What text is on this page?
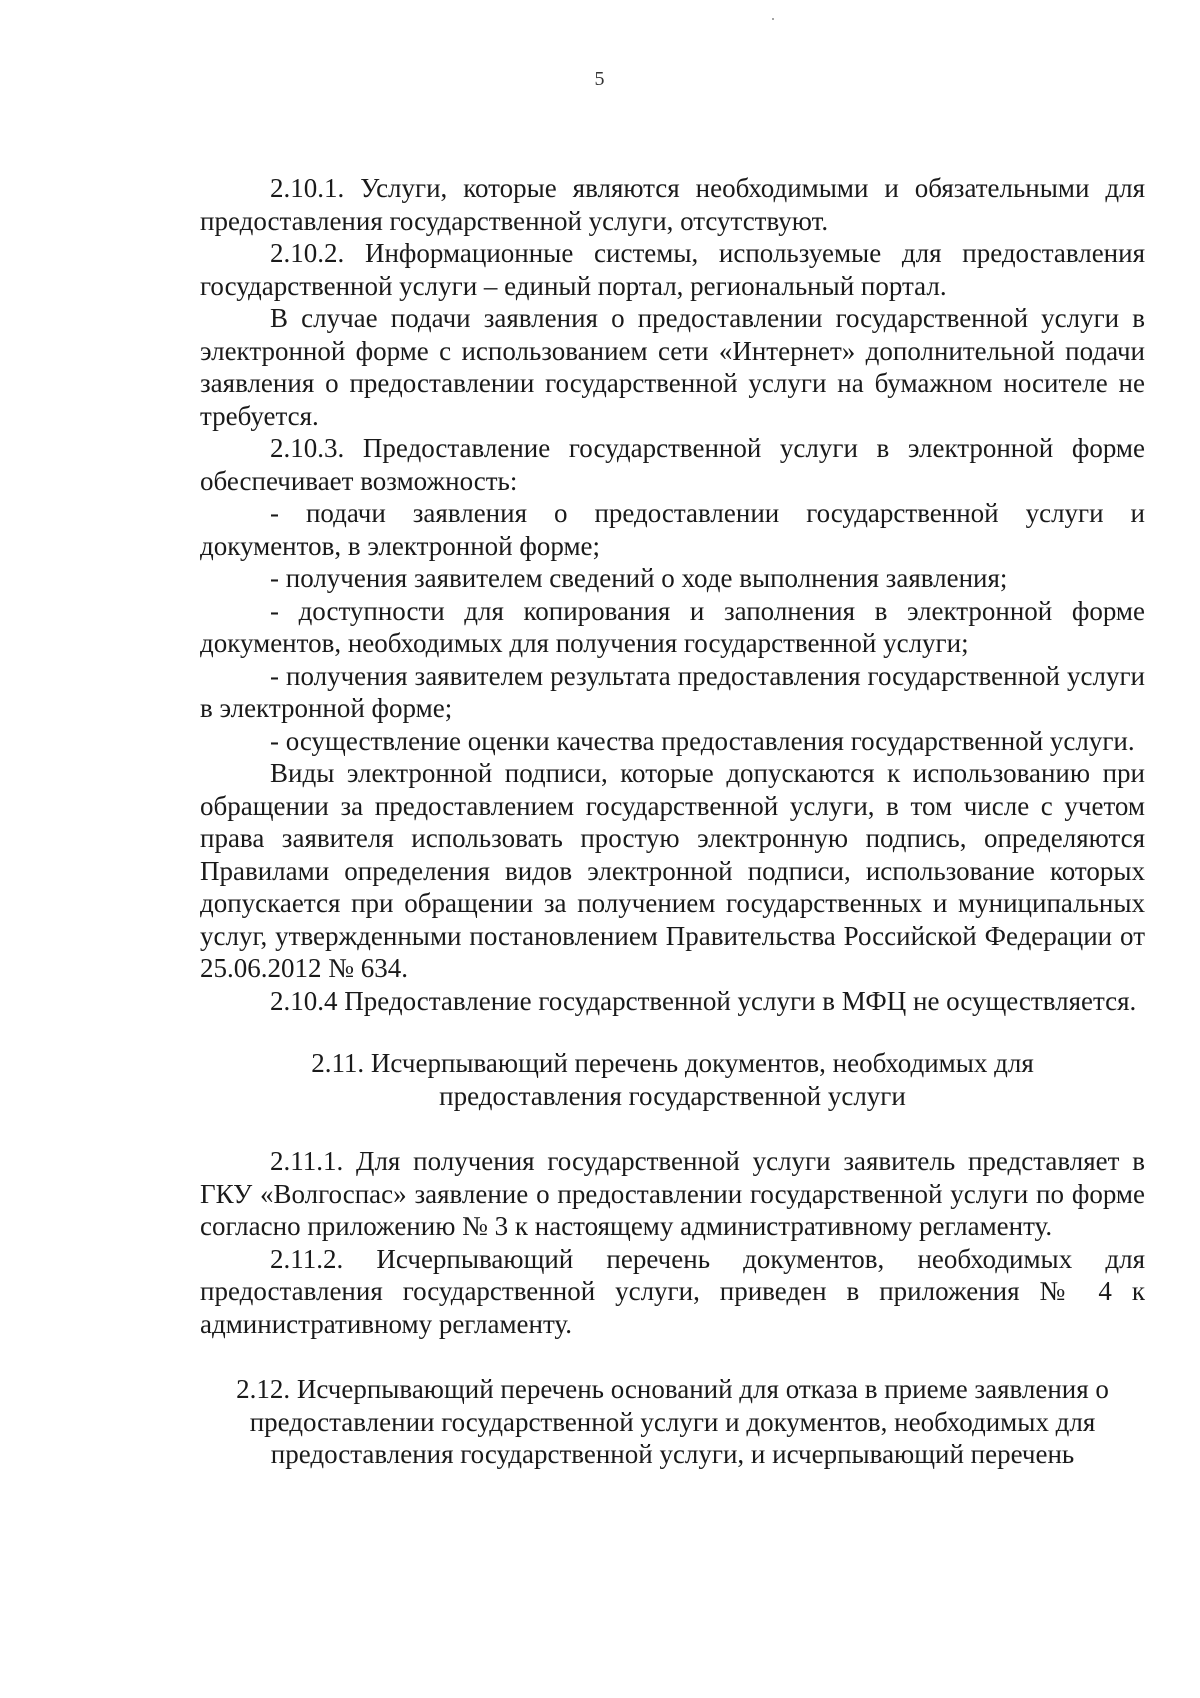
5

2.10.1. Услуги, которые являются необходимыми и обязательными для предоставления государственной услуги, отсутствуют.

2.10.2. Информационные системы, используемые для предоставления государственной услуги – единый портал, региональный портал.

В случае подачи заявления о предоставлении государственной услуги в электронной форме с использованием сети «Интернет» дополнительной подачи заявления о предоставлении государственной услуги на бумажном носителе не требуется.

2.10.3. Предоставление государственной услуги в электронной форме обеспечивает возможность:

- подачи заявления о предоставлении государственной услуги и документов, в электронной форме;

- получения заявителем сведений о ходе выполнения заявления;

- доступности для копирования и заполнения в электронной форме документов, необходимых для получения государственной услуги;

- получения заявителем результата предоставления государственной услуги в электронной форме;

- осуществление оценки качества предоставления государственной услуги.

Виды электронной подписи, которые допускаются к использованию при обращении за предоставлением государственной услуги, в том числе с учетом права заявителя использовать простую электронную подпись, определяются Правилами определения видов электронной подписи, использование которых допускается при обращении за получением государственных и муниципальных услуг, утвержденными постановлением Правительства Российской Федерации от 25.06.2012 № 634.

2.10.4 Предоставление государственной услуги в МФЦ не осуществляется.

2.11. Исчерпывающий перечень документов, необходимых для
предоставления государственной услуги

2.11.1. Для получения государственной услуги заявитель представляет в ГКУ «Волгоспас» заявление о предоставлении государственной услуги по форме согласно приложению № 3 к настоящему административному регламенту.

2.11.2. Исчерпывающий перечень документов, необходимых для предоставления государственной услуги, приведен в приложения № 4 к административному регламенту.

2.12. Исчерпывающий перечень оснований для отказа в приеме заявления о
предоставлении государственной услуги и документов, необходимых для
предоставления государственной услуги, и исчерпывающий перечень
